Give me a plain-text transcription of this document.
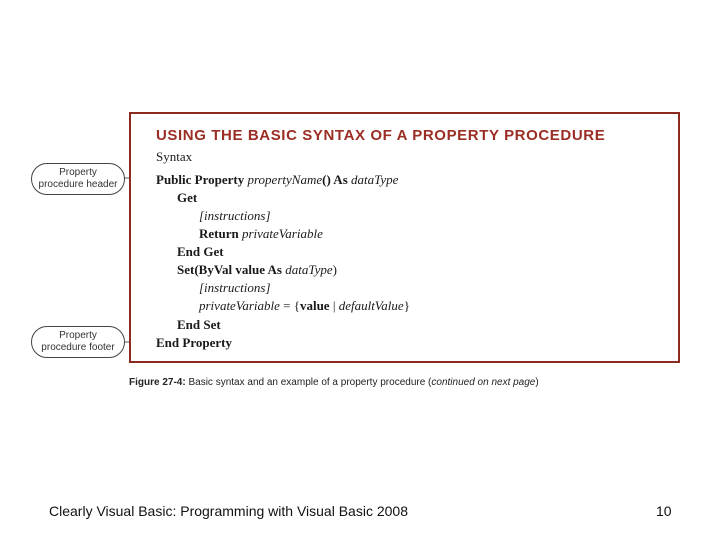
Property
procedure header
Property
procedure footer
USING THE BASIC SYNTAX OF A PROPERTY PROCEDURE
Syntax
Public Property propertyName() As dataType
Get
[instructions]
Return privateVariable
End Get
Set(ByVal value As dataType)
[instructions]
privateVariable = {value | defaultValue}
End Set
End Property
Figure 27-4: Basic syntax and an example of a property procedure (continued on next page)
Clearly Visual Basic: Programming with Visual Basic 2008	10
